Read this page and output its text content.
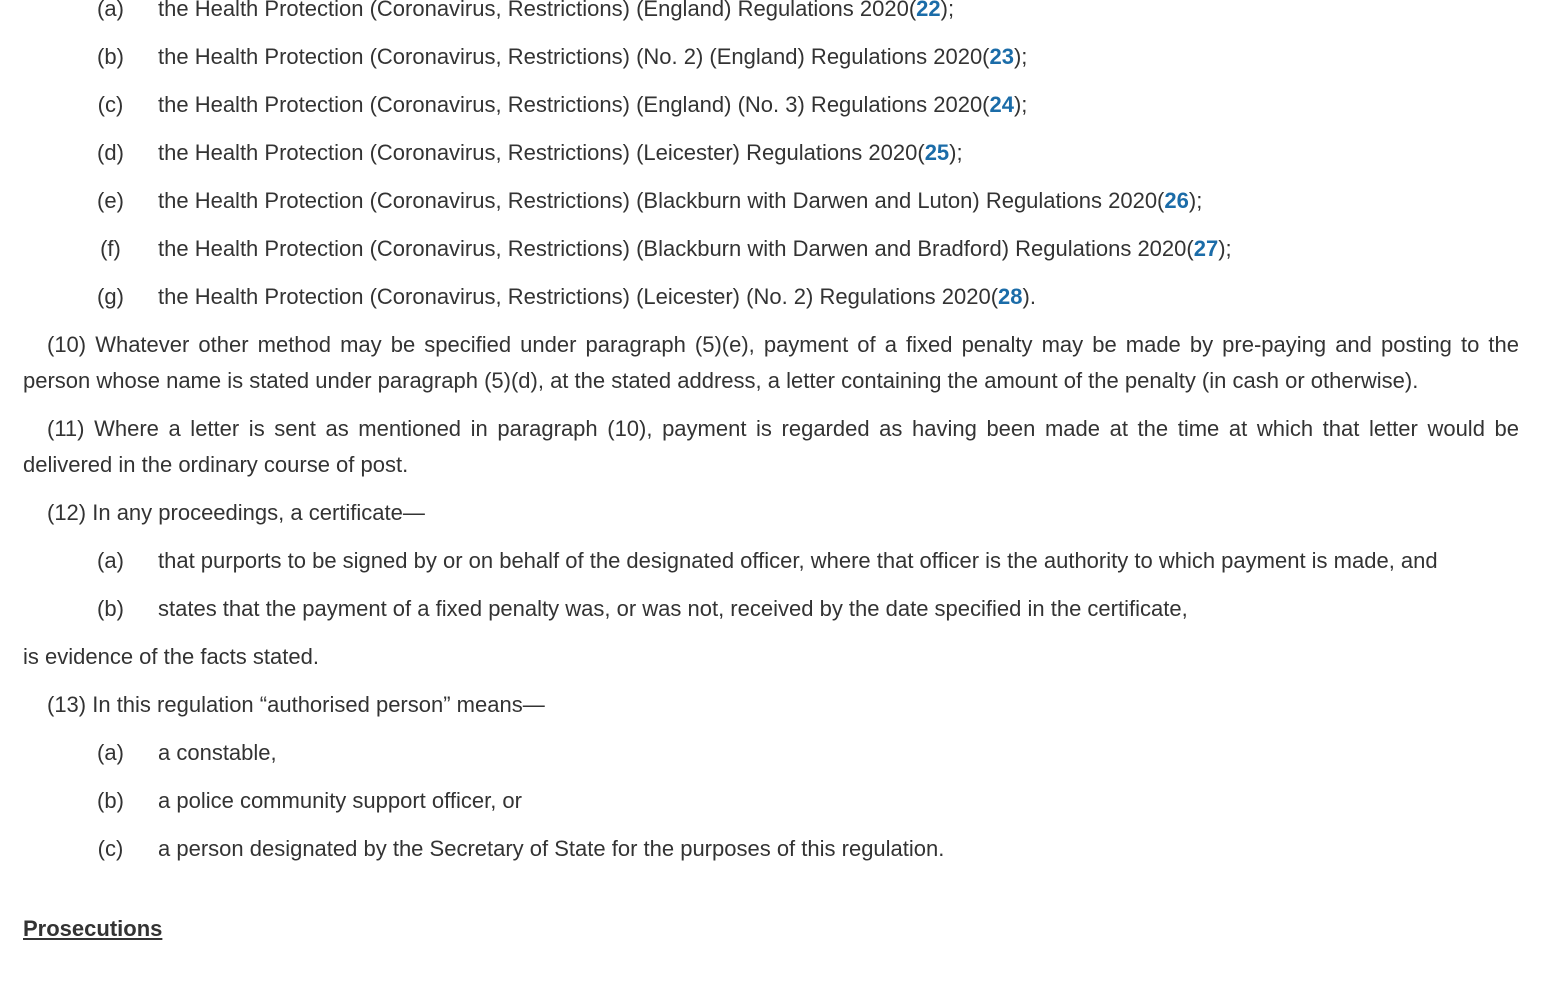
(a) the Health Protection (Coronavirus, Restrictions) (England) Regulations 2020(22);
(b) the Health Protection (Coronavirus, Restrictions) (No. 2) (England) Regulations 2020(23);
(c) the Health Protection (Coronavirus, Restrictions) (England) (No. 3) Regulations 2020(24);
(d) the Health Protection (Coronavirus, Restrictions) (Leicester) Regulations 2020(25);
(e) the Health Protection (Coronavirus, Restrictions) (Blackburn with Darwen and Luton) Regulations 2020(26);
(f)	the Health Protection (Coronavirus, Restrictions) (Blackburn with Darwen and Bradford) Regulations 2020(27);
(g) the Health Protection (Coronavirus, Restrictions) (Leicester) (No. 2) Regulations 2020(28).

(10) Whatever other method may be specified under paragraph (5)(e), payment of a fixed penalty may be made by pre-paying and posting to the person whose name is stated under paragraph (5)(d), at the stated address, a letter containing the amount of the penalty (in cash or otherwise).

(11) Where a letter is sent as mentioned in paragraph (10), payment is regarded as having been made at the time at which that letter would be delivered in the ordinary course of post.

(12) In any proceedings, a certificate—

(a) that purports to be signed by or on behalf of the designated officer, where that officer is the authority to which payment is made, and
(b) states that the payment of a fixed penalty was, or was not, received by the date specified in the certificate,

is evidence of the facts stated.

(13) In this regulation “authorised person” means—

(a) a constable,
(b) a police community support officer, or
(c) a person designated by the Secretary of State for the purposes of this regulation.
Prosecutions
